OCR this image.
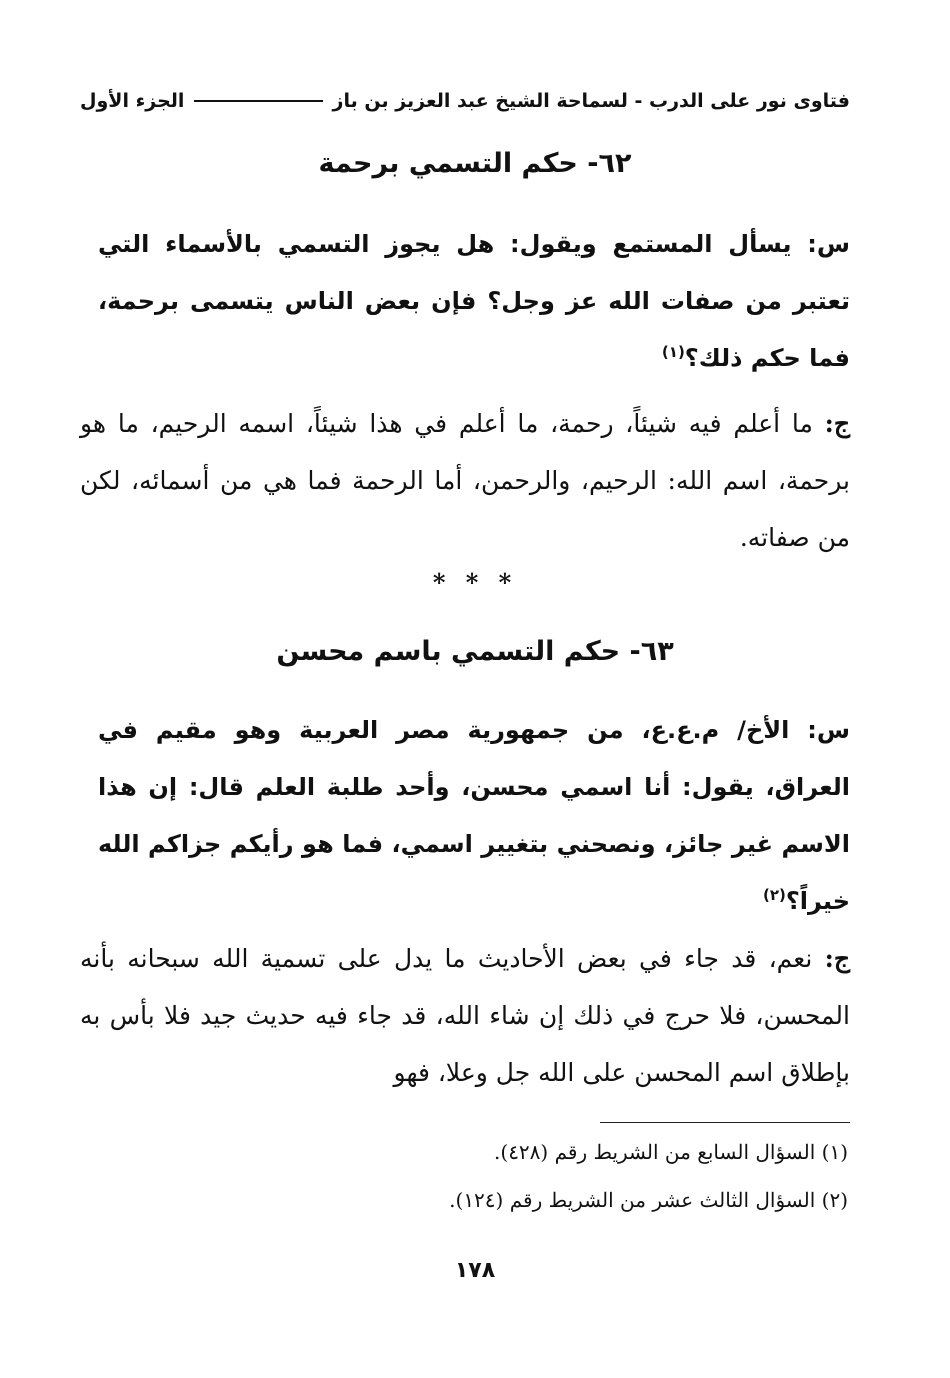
فتاوى نور على الدرب - لسماحة الشيخ عبد العزيز بن باز
الجزء الأول
٦٢- حكم التسمي برحمة
س: يسأل المستمع ويقول: هل يجوز التسمي بالأسماء التي تعتبر من صفات الله عز وجل؟ فإن بعض الناس يتسمى برحمة، فما حكم ذلك؟$^{(١)}$
ج: ما أعلم فيه شيئاً، رحمة، ما أعلم في هذا شيئاً، اسمه الرحيم، ما هو برحمة، اسم الله: الرحيم، والرحمن، أما الرحمة فما هي من أسمائه، لكن من صفاته.
* * *
٦٣- حكم التسمي باسم محسن
س: الأخ/ م.ع.ع، من جمهورية مصر العربية وهو مقيم في العراق، يقول: أنا اسمي محسن، وأحد طلبة العلم قال: إن هذا الاسم غير جائز، ونصحني بتغيير اسمي، فما هو رأيكم جزاكم الله خيراً؟$^{(٢)}$
ج: نعم، قد جاء في بعض الأحاديث ما يدل على تسمية الله سبحانه بأنه المحسن، فلا حرج في ذلك إن شاء الله، قد جاء فيه حديث جيد فلا بأس به بإطلاق اسم المحسن على الله جل وعلا، فهو
(١) السؤال السابع من الشريط رقم (٤٢٨).
(٢) السؤال الثالث عشر من الشريط رقم (١٢٤).
١٧٨
